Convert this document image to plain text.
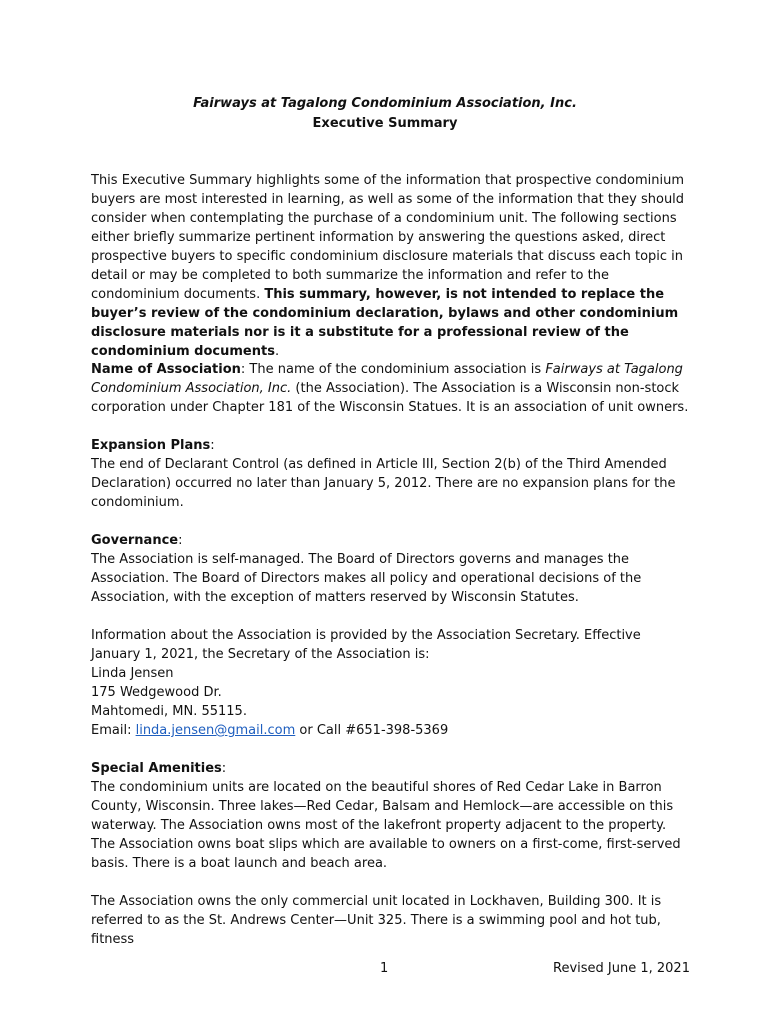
Fairways at Tagalong Condominium Association, Inc.
Executive Summary

This Executive Summary highlights some of the information that prospective condominium buyers are most interested in learning, as well as some of the information that they should consider when contemplating the purchase of a condominium unit. The following sections either briefly summarize pertinent information by answering the questions asked, direct prospective buyers to specific condominium disclosure materials that discuss each topic in detail or may be completed to both summarize the information and refer to the condominium documents. This summary, however, is not intended to replace the buyer’s review of the condominium declaration, bylaws and other condominium disclosure materials nor is it a substitute for a professional review of the condominium documents.

Name of Association: The name of the condominium association is Fairways at Tagalong Condominium Association, Inc. (the Association). The Association is a Wisconsin non-stock corporation under Chapter 181 of the Wisconsin Statues. It is an association of unit owners.

Expansion Plans:

The end of Declarant Control (as defined in Article III, Section 2(b) of the Third Amended Declaration) occurred no later than January 5, 2012. There are no expansion plans for the condominium.

Governance:

The Association is self-managed. The Board of Directors governs and manages the Association. The Board of Directors makes all policy and operational decisions of the Association, with the exception of matters reserved by Wisconsin Statutes.

Information about the Association is provided by the Association Secretary. Effective January 1, 2021, the Secretary of the Association is:

Linda Jensen

175 Wedgewood Dr.

Mahtomedi, MN. 55115.

Email: linda.jensen@gmail.com or Call #651-398-5369

Special Amenities:

The condominium units are located on the beautiful shores of Red Cedar Lake in Barron County, Wisconsin. Three lakes—Red Cedar, Balsam and Hemlock—are accessible on this waterway. The Association owns most of the lakefront property adjacent to the property. The Association owns boat slips which are available to owners on a first-come, first-served basis. There is a boat launch and beach area.

The Association owns the only commercial unit located in Lockhaven, Building 300. It is referred to as the St. Andrews Center—Unit 325. There is a swimming pool and hot tub, fitness

1	Revised June 1, 2021
